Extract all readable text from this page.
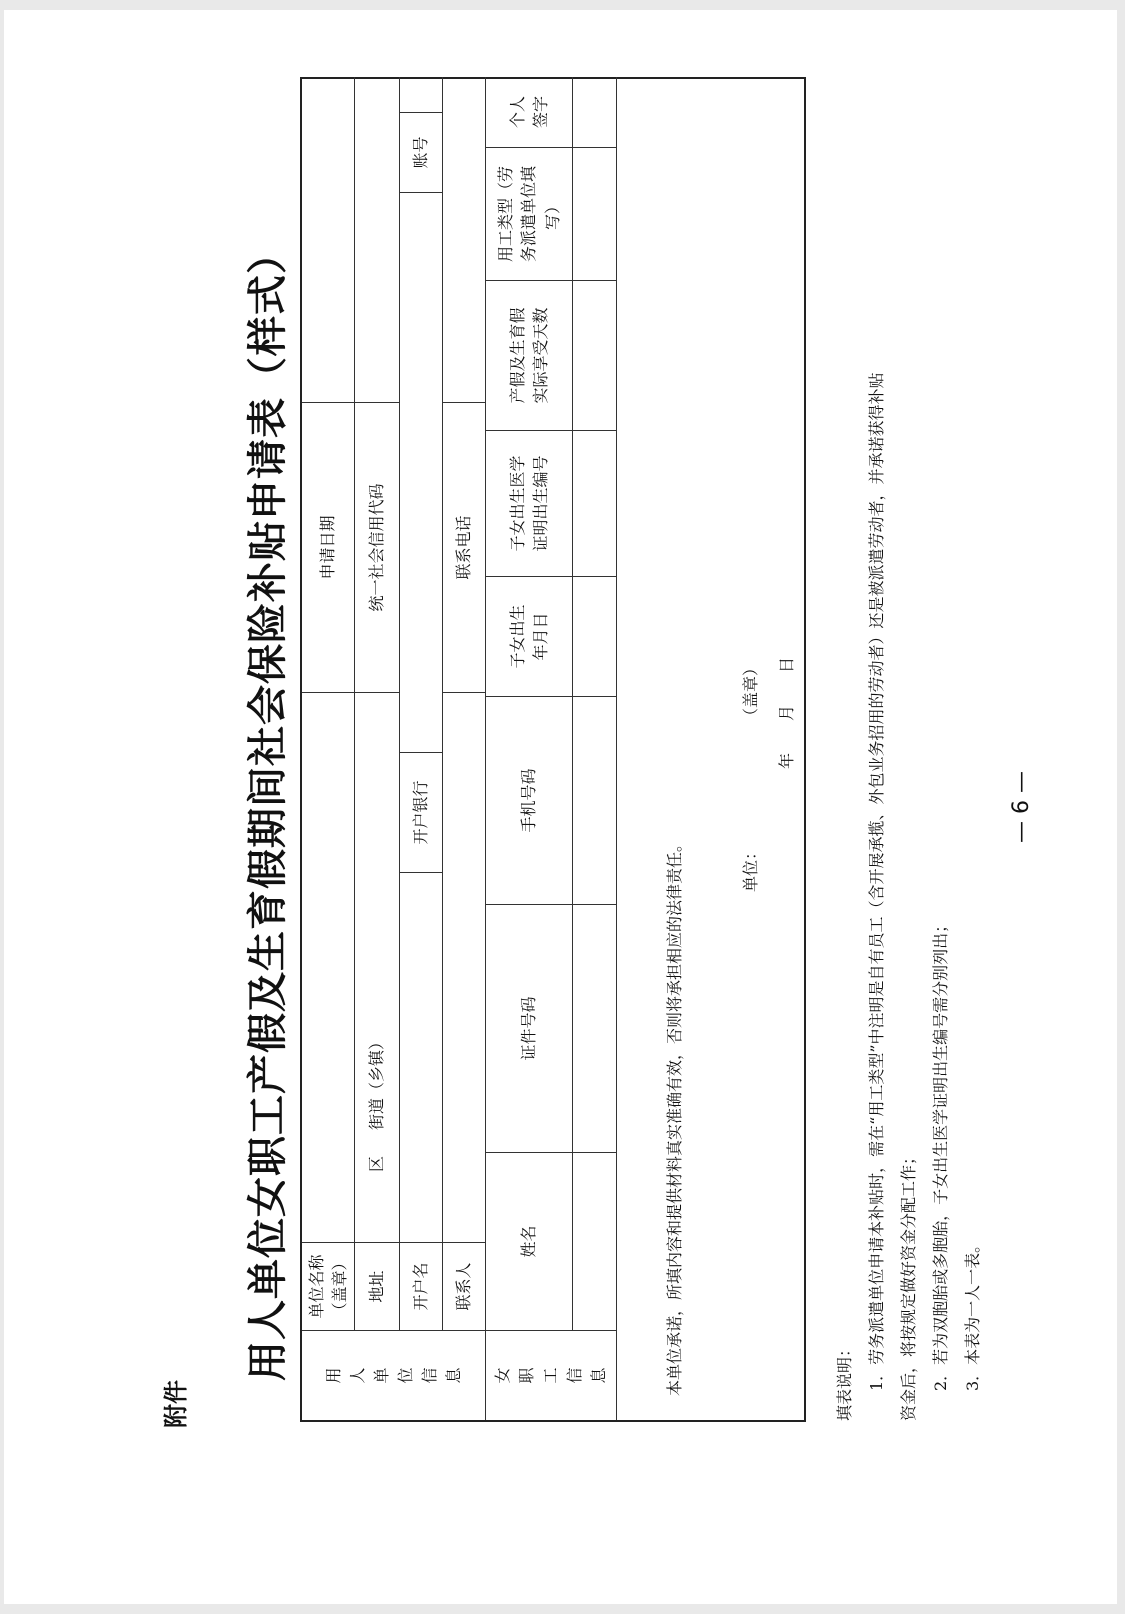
附件
用人单位女职工产假及生育假期间社会保险补贴申请表（样式） 用人单位信息
单位名称（盖章）
申请日期
地址
区
街道（乡镇）
统一社会信用代码
开户名
开户银行
账号
联系人
联系电话
女职工信息
姓名
证件号码
手机号码
子女出生年月日
子女出生医学证明出生编号
产假及生育假实际享受天数
用工类型（劳务派遣单位填写）
个人签字
本单位承诺，所填内容和提供材料真实准确有效，否则将承担相应的法律责任。	单位：
（盖章） 年　　月　　日
填表说明： 1．劳务派遣单位申请本补贴时，需在“用工类型”中注明是自有员工（含开展承揽、外包业务招用的劳动者）还是被派遣劳动者，并承诺获得补贴 资金后，将按规定做好资金分配工作； 2．若为双胞胎或多胞胎，子女出生医学证明出生编号需分别列出； 3．本表为一人一表。
— 6 —
